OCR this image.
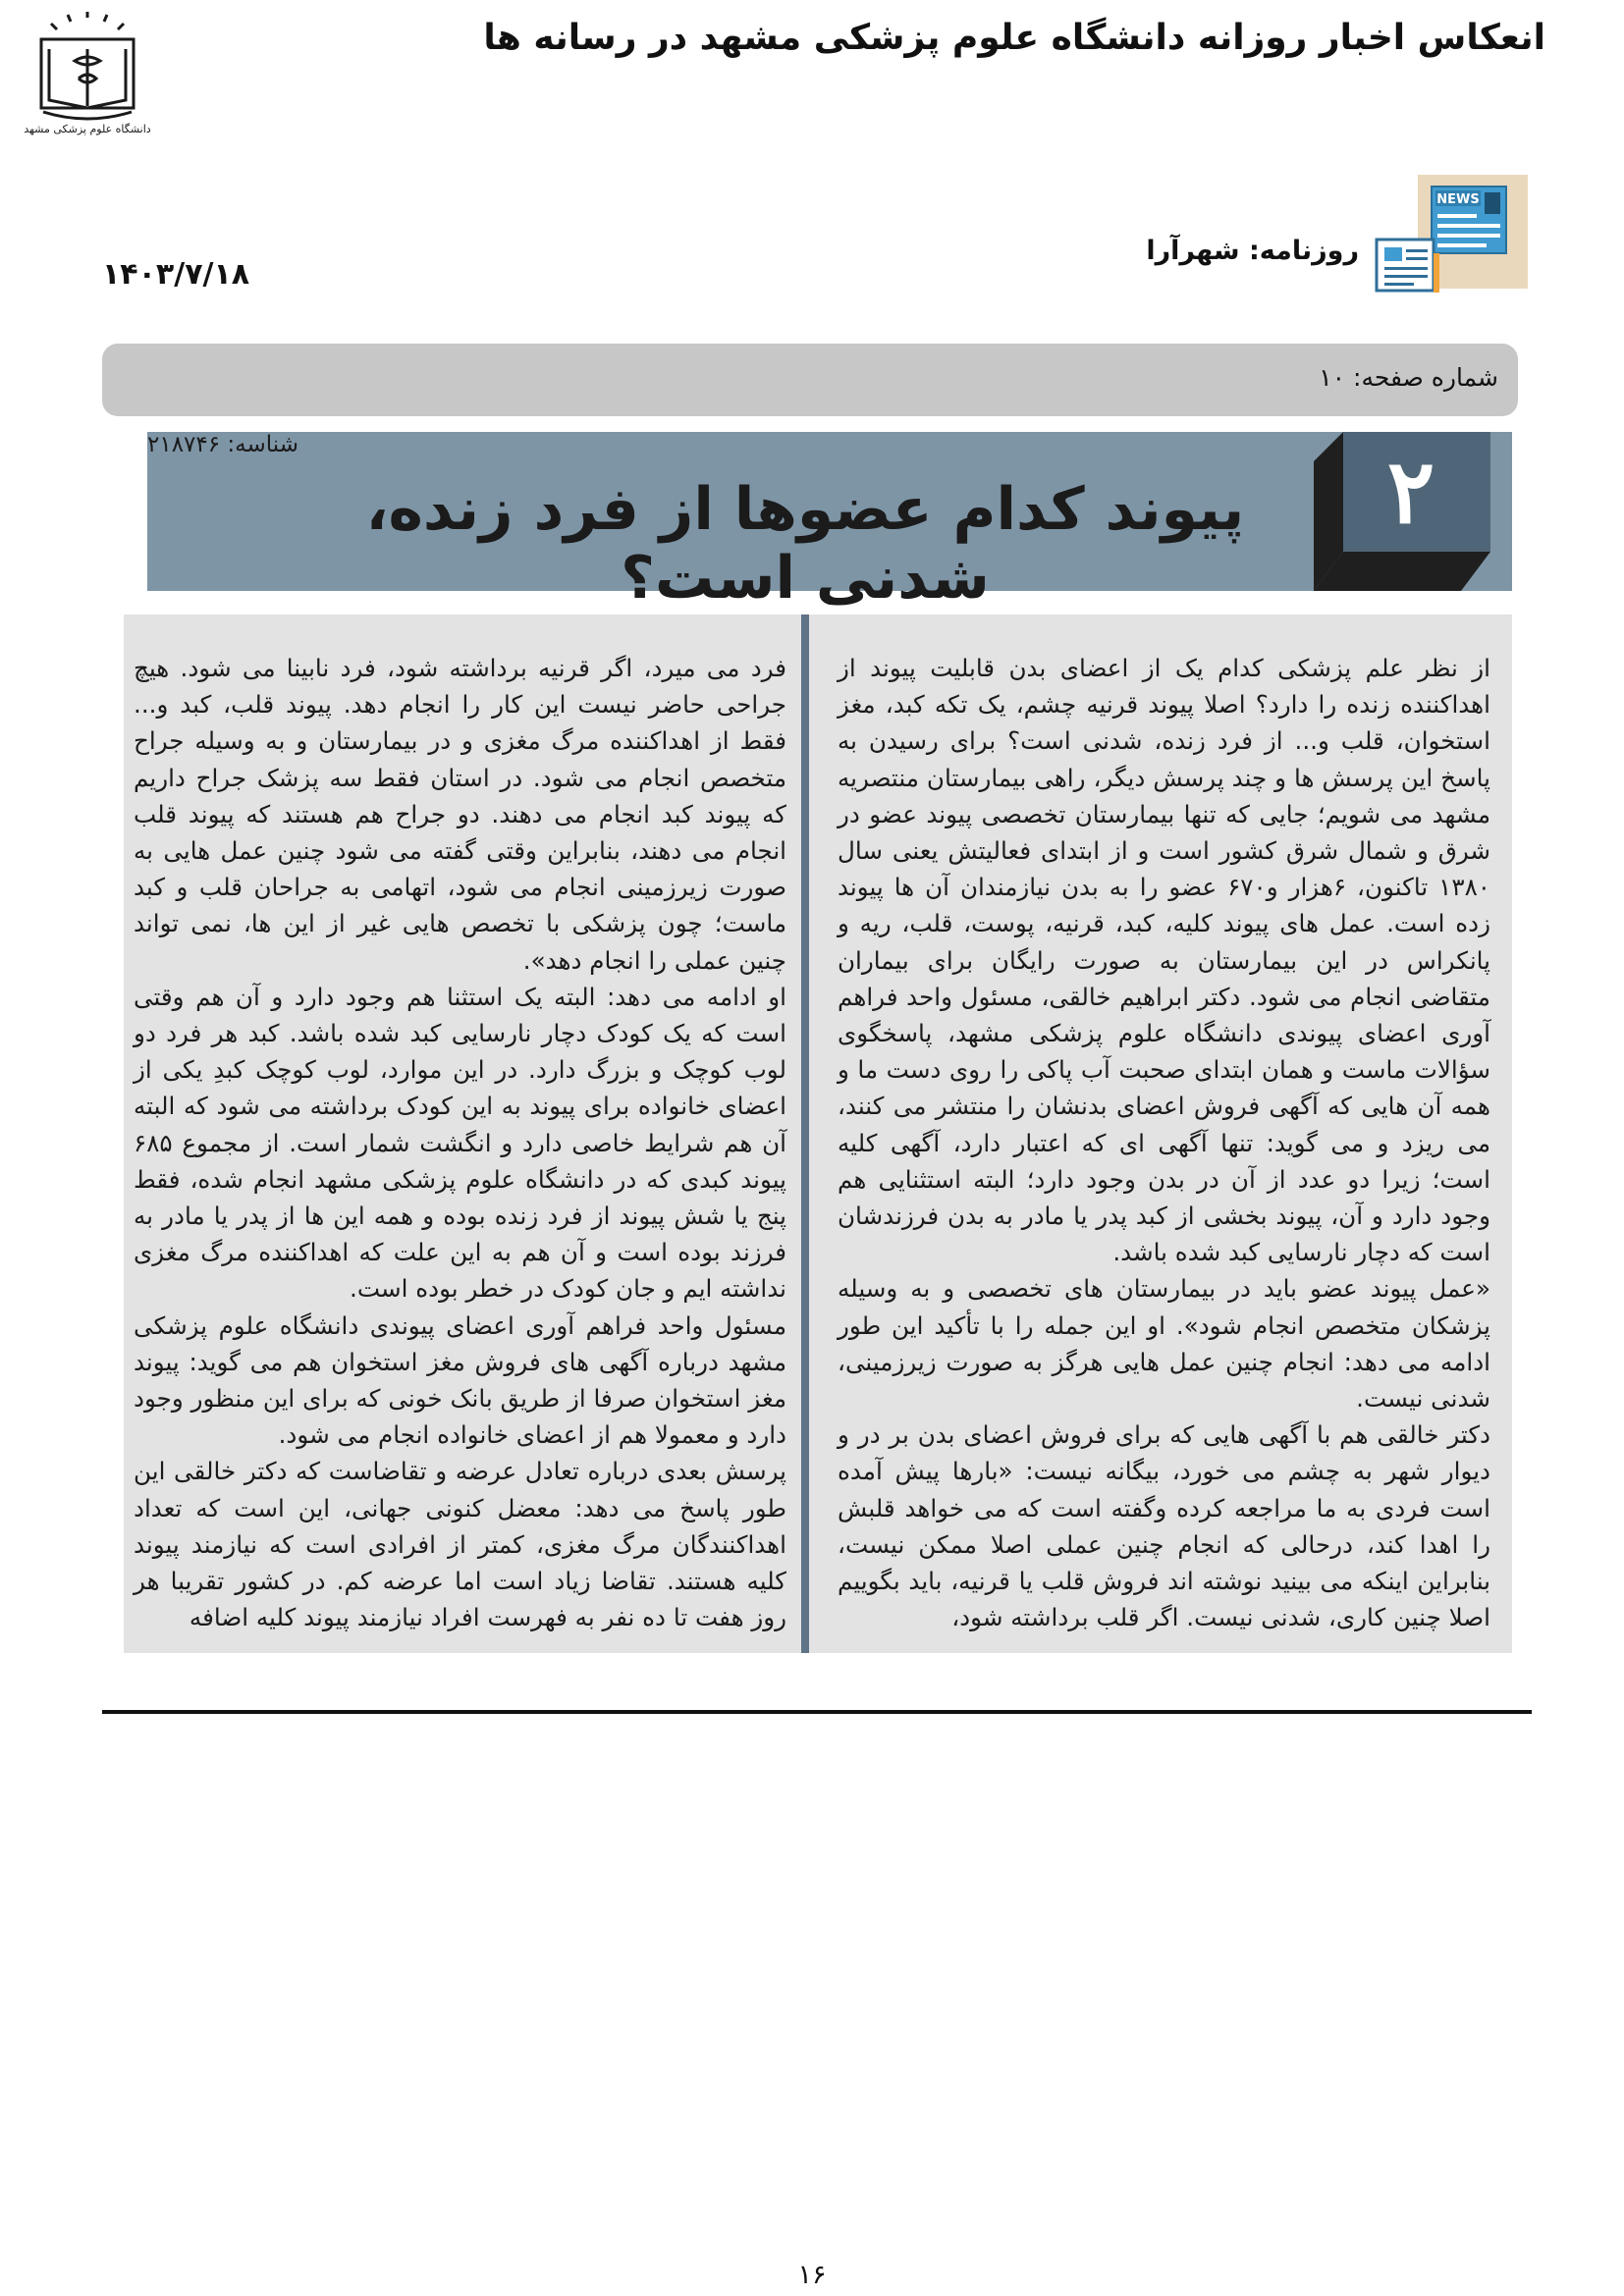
انعکاس اخبار روزانه دانشگاه علوم پزشکی مشهد در رسانه ها
دانشگاه علوم پزشکی مشهد
NEWS
روزنامه: شهرآرا
۱۴۰۳/۷/۱۸
شماره صفحه: ۱۰
شناسه: ۲۱۸۷۴۶
پیوند کدام عضوها از فرد زنده، شدنی است؟
۲

از نظر علم پزشکی کدام یک از اعضای بدن قابلیت پیوند از اهداکننده زنده را دارد؟ اصلا پیوند قرنیه چشم، یک تکه کبد، مغز استخوان، قلب و... از فرد زنده، شدنی است؟ برای رسیدن به پاسخ این پرسش ها و چند پرسش دیگر، راهی بیمارستان منتصریه مشهد می شویم؛ جایی که تنها بیمارستان تخصصی پیوند عضو در شرق و شمال شرق کشور است و از ابتدای فعالیتش یعنی سال ۱۳۸۰ تاکنون، ۶هزار و۶۷۰ عضو را به بدن نیازمندان آن ها پیوند زده است. عمل های پیوند کلیه، کبد، قرنیه، پوست، قلب، ریه و پانکراس در این بیمارستان به صورت رایگان برای بیماران متقاضی انجام می شود. دکتر ابراهیم خالقی، مسئول واحد فراهم آوری اعضای پیوندی دانشگاه علوم پزشکی مشهد، پاسخگوی سؤالات ماست و همان ابتدای صحبت آب پاکی را روی دست ما و همه آن هایی که آگهی فروش اعضای بدنشان را منتشر می کنند، می ریزد و می گوید: تنها آگهی ای که اعتبار دارد، آگهی کلیه است؛ زیرا دو عدد از آن در بدن وجود دارد؛ البته استثنایی هم وجود دارد و آن، پیوند بخشی از کبد پدر یا مادر به بدن فرزندشان است که دچار نارسایی کبد شده باشد.

«عمل پیوند عضو باید در بیمارستان های تخصصی و به وسیله پزشکان متخصص انجام شود». او این جمله را با تأکید این طور ادامه می دهد: انجام چنین عمل هایی هرگز به صورت زیرزمینی، شدنی نیست.

دکتر خالقی هم با آگهی هایی که برای فروش اعضای بدن بر در و دیوار شهر به چشم می خورد، بیگانه نیست: «بارها پیش آمده است فردی به ما مراجعه کرده وگفته است که می خواهد قلبش را اهدا کند، درحالی که انجام چنین عملی اصلا ممکن نیست، بنابراین اینکه می بینید نوشته اند فروش قلب یا قرنیه، باید بگوییم اصلا چنین کاری، شدنی نیست. اگر قلب برداشته شود،

فرد می میرد، اگر قرنیه برداشته شود، فرد نابینا می شود. هیچ جراحی حاضر نیست این کار را انجام دهد. پیوند قلب، کبد و... فقط از اهداکننده مرگ مغزی و در بیمارستان و به وسیله جراح متخصص انجام می شود. در استان فقط سه پزشک جراح داریم که پیوند کبد انجام می دهند. دو جراح هم هستند که پیوند قلب انجام می دهند، بنابراین وقتی گفته می شود چنین عمل هایی به صورت زیرزمینی انجام می شود، اتهامی به جراحان قلب و کبد ماست؛ چون پزشکی با تخصص هایی غیر از این ها، نمی تواند چنین عملی را انجام دهد».

او ادامه می دهد: البته یک استثنا هم وجود دارد و آن هم وقتی است که یک کودک دچار نارسایی کبد شده باشد. کبد هر فرد دو لوب کوچک و بزرگ دارد. در این موارد، لوب کوچک کبدِ یکی از اعضای خانواده برای پیوند به این کودک برداشته می شود که البته آن هم شرایط خاصی دارد و انگشت شمار است. از مجموع ۶۸۵ پیوند کبدی که در دانشگاه علوم پزشکی مشهد انجام شده، فقط پنج یا شش پیوند از فرد زنده بوده و همه این ها از پدر یا مادر به فرزند بوده است و آن هم به این علت که اهداکننده مرگ مغزی نداشته ایم و جان کودک در خطر بوده است.

مسئول واحد فراهم آوری اعضای پیوندی دانشگاه علوم پزشکی مشهد درباره آگهی های فروش مغز استخوان هم می گوید: پیوند مغز استخوان صرفا از طریق بانک خونی که برای این منظور وجود دارد و معمولا هم از اعضای خانواده انجام می شود.

پرسش بعدی درباره تعادل عرضه و تقاضاست که دکتر خالقی این طور پاسخ می دهد: معضل کنونی جهانی، این است که تعداد اهداکنندگان مرگ مغزی، کمتر از افرادی است که نیازمند پیوند کلیه هستند. تقاضا زیاد است اما عرضه کم. در کشور تقریبا هر روز هفت تا ده نفر به فهرست افراد نیازمند پیوند کلیه اضافه

۱۶
